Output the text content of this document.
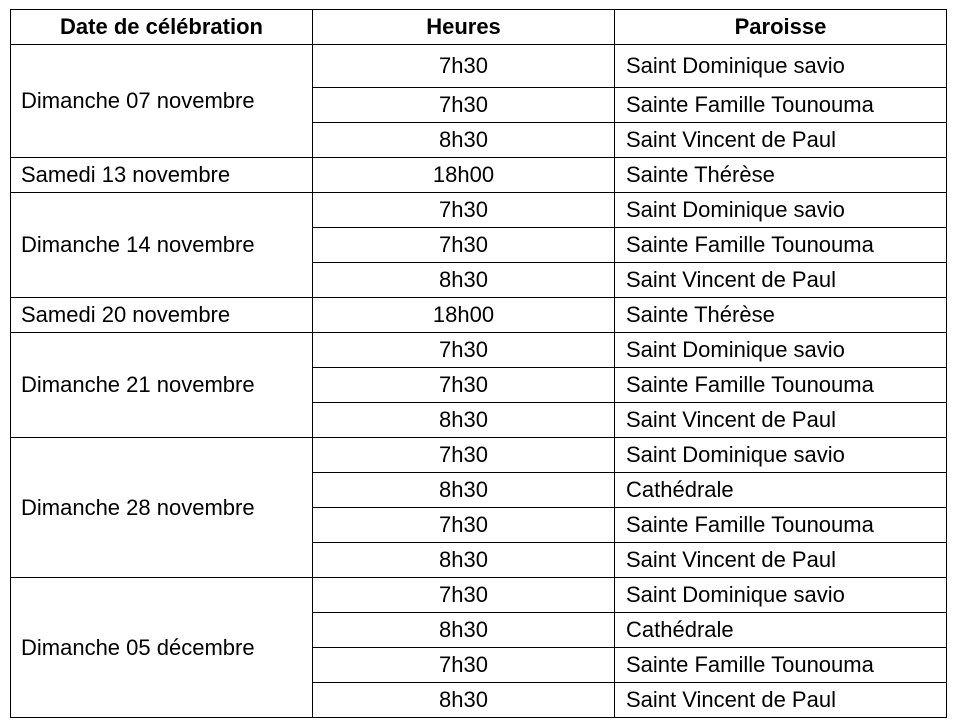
Date de célébration	Heures	Paroisse
Dimanche 07 novembre	7h30	Saint Dominique savio
	7h30	Sainte Famille Tounouma
	8h30	Saint Vincent de Paul
Samedi 13 novembre	18h00	Sainte Thérèse
Dimanche 14 novembre	7h30	Saint Dominique savio
	7h30	Sainte Famille Tounouma
	8h30	Saint Vincent de Paul
Samedi 20 novembre	18h00	Sainte Thérèse
Dimanche 21 novembre	7h30	Saint Dominique savio
	7h30	Sainte Famille Tounouma
	8h30	Saint Vincent de Paul
Dimanche 28 novembre	7h30	Saint Dominique savio
	8h30	Cathédrale
	7h30	Sainte Famille Tounouma
	8h30	Saint Vincent de Paul
Dimanche 05 décembre	7h30	Saint Dominique savio
	8h30	Cathédrale
	7h30	Sainte Famille Tounouma
	8h30	Saint Vincent de Paul
